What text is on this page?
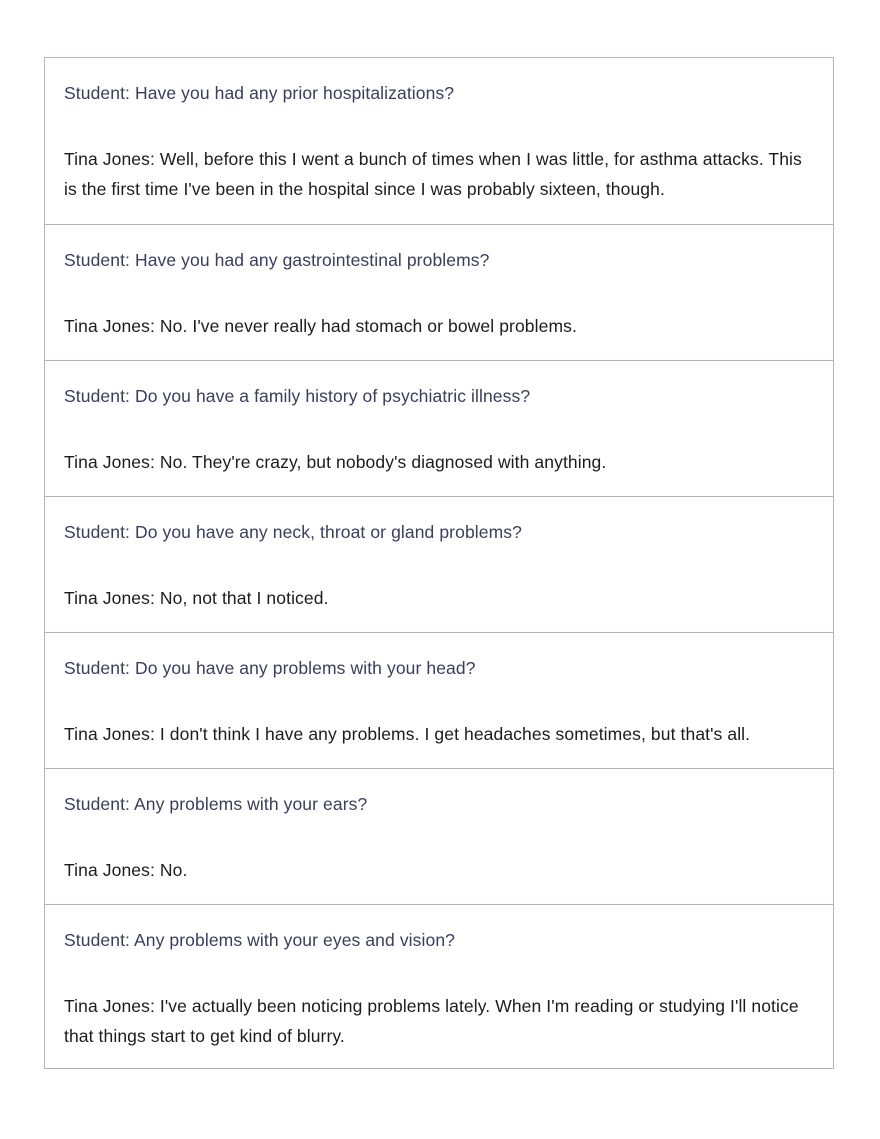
Student: Have you had any prior hospitalizations?

Tina Jones: Well, before this I went a bunch of times when I was little, for asthma attacks. This is the first time I've been in the hospital since I was probably sixteen, though.

Student: Have you had any gastrointestinal problems?

Tina Jones: No. I've never really had stomach or bowel problems.

Student: Do you have a family history of psychiatric illness?

Tina Jones: No. They're crazy, but nobody's diagnosed with anything.

Student: Do you have any neck, throat or gland problems?

Tina Jones: No, not that I noticed.

Student: Do you have any problems with your head?

Tina Jones: I don't think I have any problems. I get headaches sometimes, but that's all.

Student: Any problems with your ears?

Tina Jones: No.

Student: Any problems with your eyes and vision?

Tina Jones: I've actually been noticing problems lately. When I'm reading or studying I'll notice that things start to get kind of blurry.
